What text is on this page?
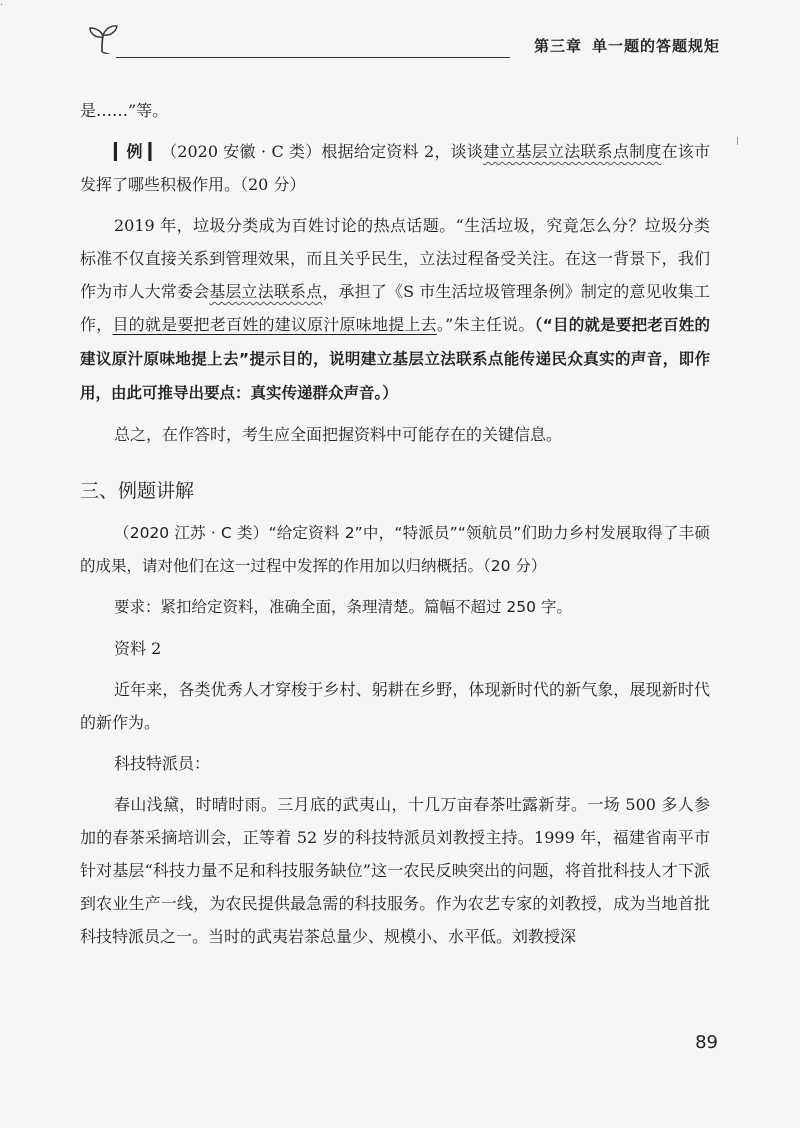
·
第三章 单一题的答题规矩

是……”等。

▎例 ▎（2020 安徽 · C 类）根据给定资料 2，谈谈建立基层立法联系点制度在该市发挥了哪些积极作用。（20 分）

2019 年，垃圾分类成为百姓讨论的热点话题。“生活垃圾，究竟怎么分？垃圾分类标准不仅直接关系到管理效果，而且关乎民生，立法过程备受关注。在这一背景下，我们作为市人大常委会基层立法联系点，承担了《S 市生活垃圾管理条例》制定的意见收集工作，目的就是要把老百姓的建议原汁原味地提上去。”朱主任说。（“目的就是要把老百姓的建议原汁原味地提上去”提示目的，说明建立基层立法联系点能传递民众真实的声音，即作用，由此可推导出要点：真实传递群众声音。）

总之，在作答时，考生应全面把握资料中可能存在的关键信息。

三、例题讲解

（2020 江苏 · C 类）“给定资料 2”中，“特派员”“领航员”们助力乡村发展取得了丰硕的成果，请对他们在这一过程中发挥的作用加以归纳概括。（20 分）

要求：紧扣给定资料，准确全面，条理清楚。篇幅不超过 250 字。

资料 2

近年来，各类优秀人才穿梭于乡村、躬耕在乡野，体现新时代的新气象，展现新时代的新作为。

科技特派员：

春山浅黛，时晴时雨。三月底的武夷山，十几万亩春茶吐露新芽。一场 500 多人参加的春茶采摘培训会，正等着 52 岁的科技特派员刘教授主持。1999 年，福建省南平市针对基层“科技力量不足和科技服务缺位”这一农民反映突出的问题，将首批科技人才下派到农业生产一线，为农民提供最急需的科技服务。作为农艺专家的刘教授，成为当地首批科技特派员之一。当时的武夷岩茶总量少、规模小、水平低。刘教授深

89
